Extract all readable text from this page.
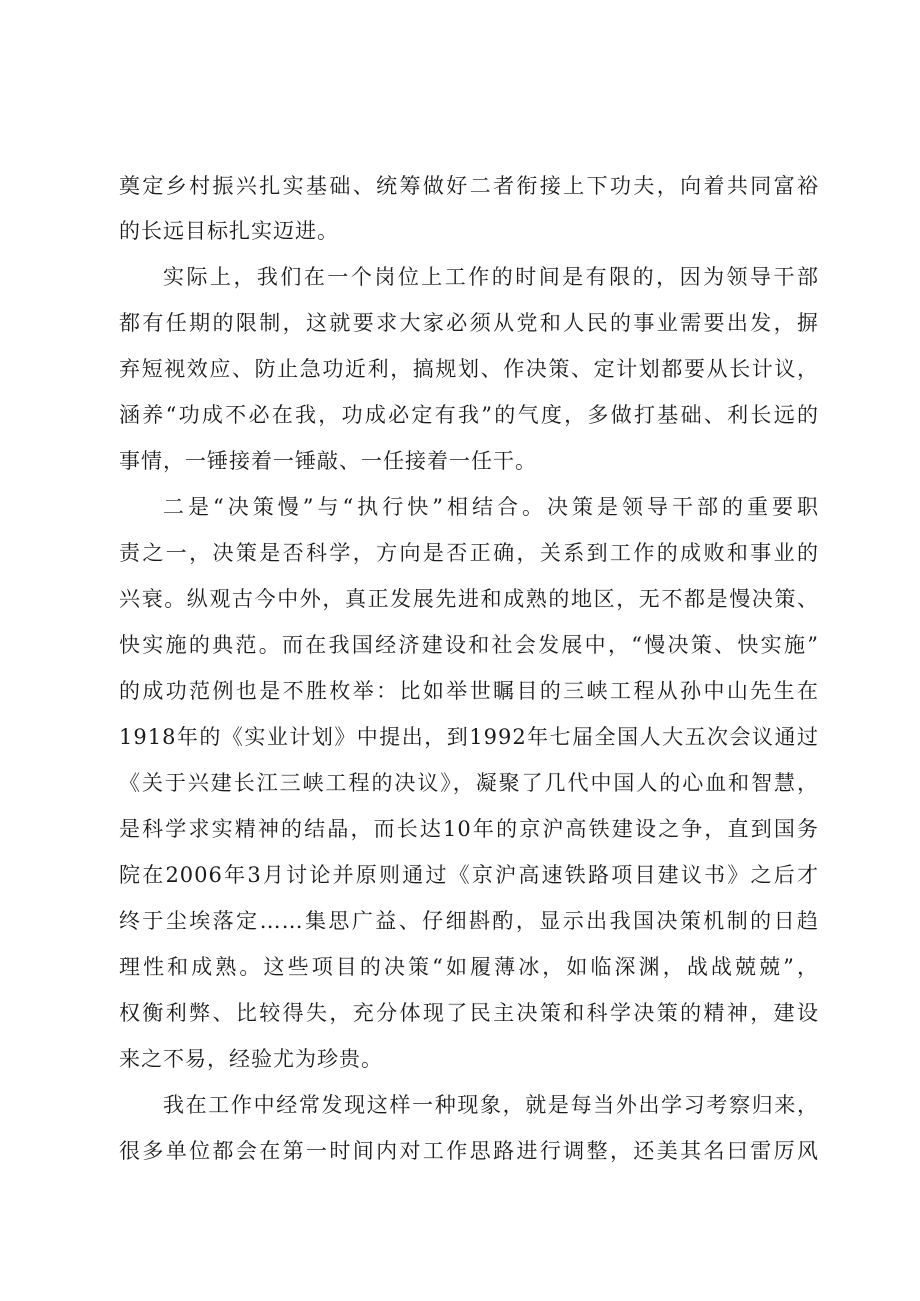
奠定乡村振兴扎实基础、统筹做好二者衔接上下功夫，向着共同富裕
的长远目标扎实迈进。
实际上，我们在一个岗位上工作的时间是有限的，因为领导干部
都有任期的限制，这就要求大家必须从党和人民的事业需要出发，摒
弃短视效应、防止急功近利，搞规划、作决策、定计划都要从长计议，
涵养“功成不必在我，功成必定有我”的气度，多做打基础、利长远的
事情，一锤接着一锤敲、一任接着一任干。
二是“决策慢”与“执行快”相结合。决策是领导干部的重要职
责之一，决策是否科学，方向是否正确，关系到工作的成败和事业的
兴衰。纵观古今中外，真正发展先进和成熟的地区，无不都是慢决策、
快实施的典范。而在我国经济建设和社会发展中，“慢决策、快实施”
的成功范例也是不胜枚举：比如举世瞩目的三峡工程从孙中山先生在
1918年的《实业计划》中提出，到1992年七届全国人大五次会议通过
《关于兴建长江三峡工程的决议》，凝聚了几代中国人的心血和智慧，
是科学求实精神的结晶，而长达10年的京沪高铁建设之争，直到国务
院在2006年3月讨论并原则通过《京沪高速铁路项目建议书》之后才
终于尘埃落定……集思广益、仔细斟酌，显示出我国决策机制的日趋
理性和成熟。这些项目的决策“如履薄冰，如临深渊，战战兢兢”，
权衡利弊、比较得失，充分体现了民主决策和科学决策的精神，建设
来之不易，经验尤为珍贵。
我在工作中经常发现这样一种现象，就是每当外出学习考察归来，
很多单位都会在第一时间内对工作思路进行调整，还美其名曰雷厉风
